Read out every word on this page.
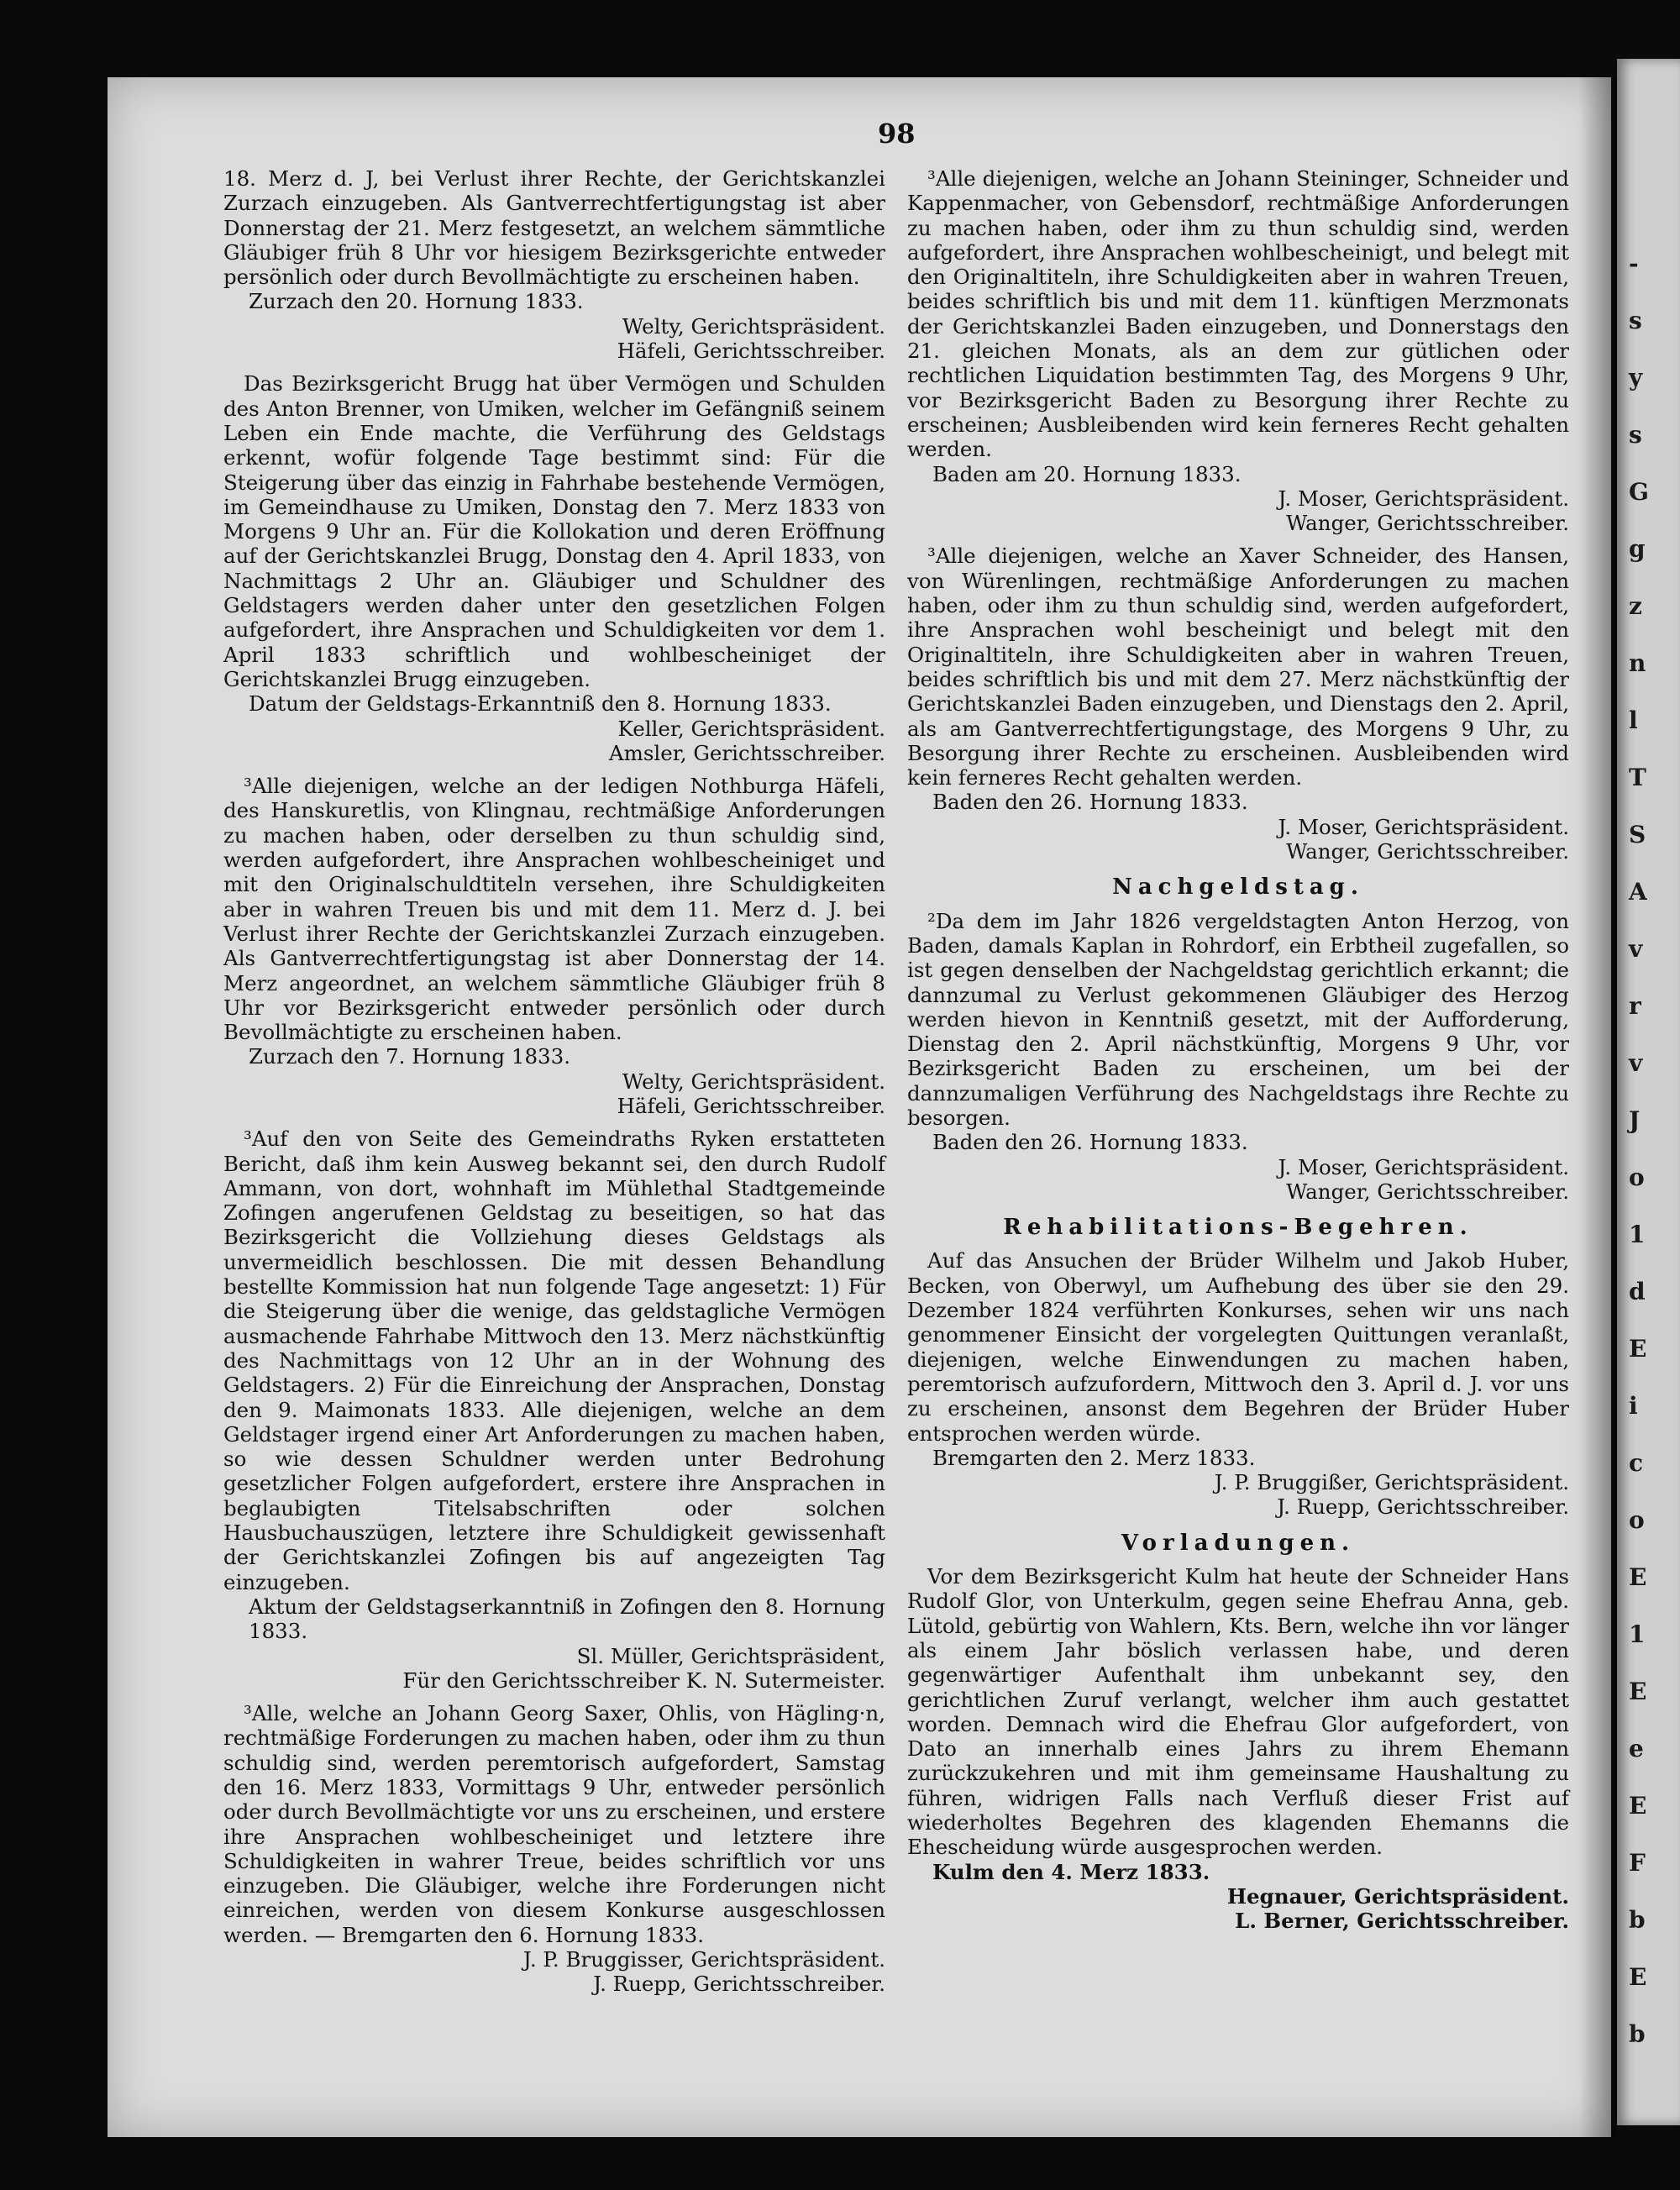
-
s
y
s
G
g
z
n
l
T
S
A
v
r
v
J
o
1
d
E
i
c
o
E
1
E
e
E
F
b
E
b
98

18. Merz d. J, bei Verlust ihrer Rechte, der Gerichtskanzlei Zurzach einzugeben. Als Gantverrechtfertigungstag ist aber Donnerstag der 21. Merz festgesetzt, an welchem sämmtliche Gläubiger früh 8 Uhr vor hiesigem Bezirksgerichte entweder persönlich oder durch Bevollmächtigte zu erscheinen haben.

Zurzach den 20. Hornung 1833.

Welty, Gerichtspräsident.

Häfeli, Gerichtsschreiber.

Das Bezirksgericht Brugg hat über Vermögen und Schulden des Anton Brenner, von Umiken, welcher im Gefängniß seinem Leben ein Ende machte, die Verführung des Geldstags erkennt, wofür folgende Tage bestimmt sind: Für die Steigerung über das einzig in Fahrhabe bestehende Vermögen, im Gemeindhause zu Umiken, Donstag den 7. Merz 1833 von Morgens 9 Uhr an. Für die Kollokation und deren Eröffnung auf der Gerichtskanzlei Brugg, Donstag den 4. April 1833, von Nachmittags 2 Uhr an. Gläubiger und Schuldner des Geldstagers werden daher unter den gesetzlichen Folgen aufgefordert, ihre Ansprachen und Schuldigkeiten vor dem 1. April 1833 schriftlich und wohlbescheiniget der Gerichtskanzlei Brugg einzugeben.

Datum der Geldstags-Erkanntniß den 8. Hornung 1833.

Keller, Gerichtspräsident.

Amsler, Gerichtsschreiber.

³Alle diejenigen, welche an der ledigen Nothburga Häfeli, des Hanskuretlis, von Klingnau, rechtmäßige Anforderungen zu machen haben, oder derselben zu thun schuldig sind, werden aufgefordert, ihre Ansprachen wohlbescheiniget und mit den Originalschuldtiteln versehen, ihre Schuldigkeiten aber in wahren Treuen bis und mit dem 11. Merz d. J. bei Verlust ihrer Rechte der Gerichtskanzlei Zurzach einzugeben. Als Gantverrechtfertigungstag ist aber Donnerstag der 14. Merz angeordnet, an welchem sämmtliche Gläubiger früh 8 Uhr vor Bezirksgericht entweder persönlich oder durch Bevollmächtigte zu erscheinen haben.

Zurzach den 7. Hornung 1833.

Welty, Gerichtspräsident.

Häfeli, Gerichtsschreiber.

³Auf den von Seite des Gemeindraths Ryken erstatteten Bericht, daß ihm kein Ausweg bekannt sei, den durch Rudolf Ammann, von dort, wohnhaft im Mühlethal Stadtgemeinde Zofingen angerufenen Geldstag zu beseitigen, so hat das Bezirksgericht die Vollziehung dieses Geldstags als unvermeidlich beschlossen. Die mit dessen Behandlung bestellte Kommission hat nun folgende Tage angesetzt: 1) Für die Steigerung über die wenige, das geldstagliche Vermögen ausmachende Fahrhabe Mittwoch den 13. Merz nächstkünftig des Nachmittags von 12 Uhr an in der Wohnung des Geldstagers. 2) Für die Einreichung der Ansprachen, Donstag den 9. Maimonats 1833. Alle diejenigen, welche an dem Geldstager irgend einer Art Anforderungen zu machen haben, so wie dessen Schuldner werden unter Bedrohung gesetzlicher Folgen aufgefordert, erstere ihre Ansprachen in beglaubigten Titelsabschriften oder solchen Hausbuchauszügen, letztere ihre Schuldigkeit gewissenhaft der Gerichtskanzlei Zofingen bis auf angezeigten Tag einzugeben.

Aktum der Geldstagserkanntniß in Zofingen den 8. Hornung 1833.

Sl. Müller, Gerichtspräsident,

Für den Gerichtsschreiber K. N. Sutermeister.

³Alle, welche an Johann Georg Saxer, Ohlis, von Hägling·n, rechtmäßige Forderungen zu machen haben, oder ihm zu thun schuldig sind, werden peremtorisch aufgefordert, Samstag den 16. Merz 1833, Vormittags 9 Uhr, entweder persönlich oder durch Bevollmächtigte vor uns zu erscheinen, und erstere ihre Ansprachen wohlbescheiniget und letztere ihre Schuldigkeiten in wahrer Treue, beides schriftlich vor uns einzugeben. Die Gläubiger, welche ihre Forderungen nicht einreichen, werden von diesem Konkurse ausgeschlossen werden. — Bremgarten den 6. Hornung 1833.

J. P. Bruggisser, Gerichtspräsident.

J. Ruepp, Gerichtsschreiber.

³Alle diejenigen, welche an Johann Steininger, Schneider und Kappenmacher, von Gebensdorf, rechtmäßige Anforderungen zu machen haben, oder ihm zu thun schuldig sind, werden aufgefordert, ihre Ansprachen wohlbescheinigt, und belegt mit den Originaltiteln, ihre Schuldigkeiten aber in wahren Treuen, beides schriftlich bis und mit dem 11. künftigen Merzmonats der Gerichtskanzlei Baden einzugeben, und Donnerstags den 21. gleichen Monats, als an dem zur gütlichen oder rechtlichen Liquidation bestimmten Tag, des Morgens 9 Uhr, vor Bezirksgericht Baden zu Besorgung ihrer Rechte zu erscheinen; Ausbleibenden wird kein ferneres Recht gehalten werden.

Baden am 20. Hornung 1833.

J. Moser, Gerichtspräsident.

Wanger, Gerichtsschreiber.

³Alle diejenigen, welche an Xaver Schneider, des Hansen, von Würenlingen, rechtmäßige Anforderungen zu machen haben, oder ihm zu thun schuldig sind, werden aufgefordert, ihre Ansprachen wohl bescheinigt und belegt mit den Originaltiteln, ihre Schuldigkeiten aber in wahren Treuen, beides schriftlich bis und mit dem 27. Merz nächstkünftig der Gerichtskanzlei Baden einzugeben, und Dienstags den 2. April, als am Gantverrechtfertigungstage, des Morgens 9 Uhr, zu Besorgung ihrer Rechte zu erscheinen. Ausbleibenden wird kein ferneres Recht gehalten werden.

Baden den 26. Hornung 1833.

J. Moser, Gerichtspräsident.

Wanger, Gerichtsschreiber.

Nachgeldstag.

²Da dem im Jahr 1826 vergeldstagten Anton Herzog, von Baden, damals Kaplan in Rohrdorf, ein Erbtheil zugefallen, so ist gegen denselben der Nachgeldstag gerichtlich erkannt; die dannzumal zu Verlust gekommenen Gläubiger des Herzog werden hievon in Kenntniß gesetzt, mit der Aufforderung, Dienstag den 2. April nächstkünftig, Morgens 9 Uhr, vor Bezirksgericht Baden zu erscheinen, um bei der dannzumaligen Verführung des Nachgeldstags ihre Rechte zu besorgen.

Baden den 26. Hornung 1833.

J. Moser, Gerichtspräsident.

Wanger, Gerichtsschreiber.

Rehabilitations-Begehren.

Auf das Ansuchen der Brüder Wilhelm und Jakob Huber, Becken, von Oberwyl, um Aufhebung des über sie den 29. Dezember 1824 verführten Konkurses, sehen wir uns nach genommener Einsicht der vorgelegten Quittungen veranlaßt, diejenigen, welche Einwendungen zu machen haben, peremtorisch aufzufordern, Mittwoch den 3. April d. J. vor uns zu erscheinen, ansonst dem Begehren der Brüder Huber entsprochen werden würde.

Bremgarten den 2. Merz 1833.

J. P. Bruggißer, Gerichtspräsident.

J. Ruepp, Gerichtsschreiber.

Vorladungen.

Vor dem Bezirksgericht Kulm hat heute der Schneider Hans Rudolf Glor, von Unterkulm, gegen seine Ehefrau Anna, geb. Lütold, gebürtig von Wahlern, Kts. Bern, welche ihn vor länger als einem Jahr böslich verlassen habe, und deren gegenwärtiger Aufenthalt ihm unbekannt sey, den gerichtlichen Zuruf verlangt, welcher ihm auch gestattet worden. Demnach wird die Ehefrau Glor aufgefordert, von Dato an innerhalb eines Jahrs zu ihrem Ehemann zurückzukehren und mit ihm gemeinsame Haushaltung zu führen, widrigen Falls nach Verfluß dieser Frist auf wiederholtes Begehren des klagenden Ehemanns die Ehescheidung würde ausgesprochen werden.

Kulm den 4. Merz 1833.

Hegnauer, Gerichtspräsident.

L. Berner, Gerichtsschreiber.
